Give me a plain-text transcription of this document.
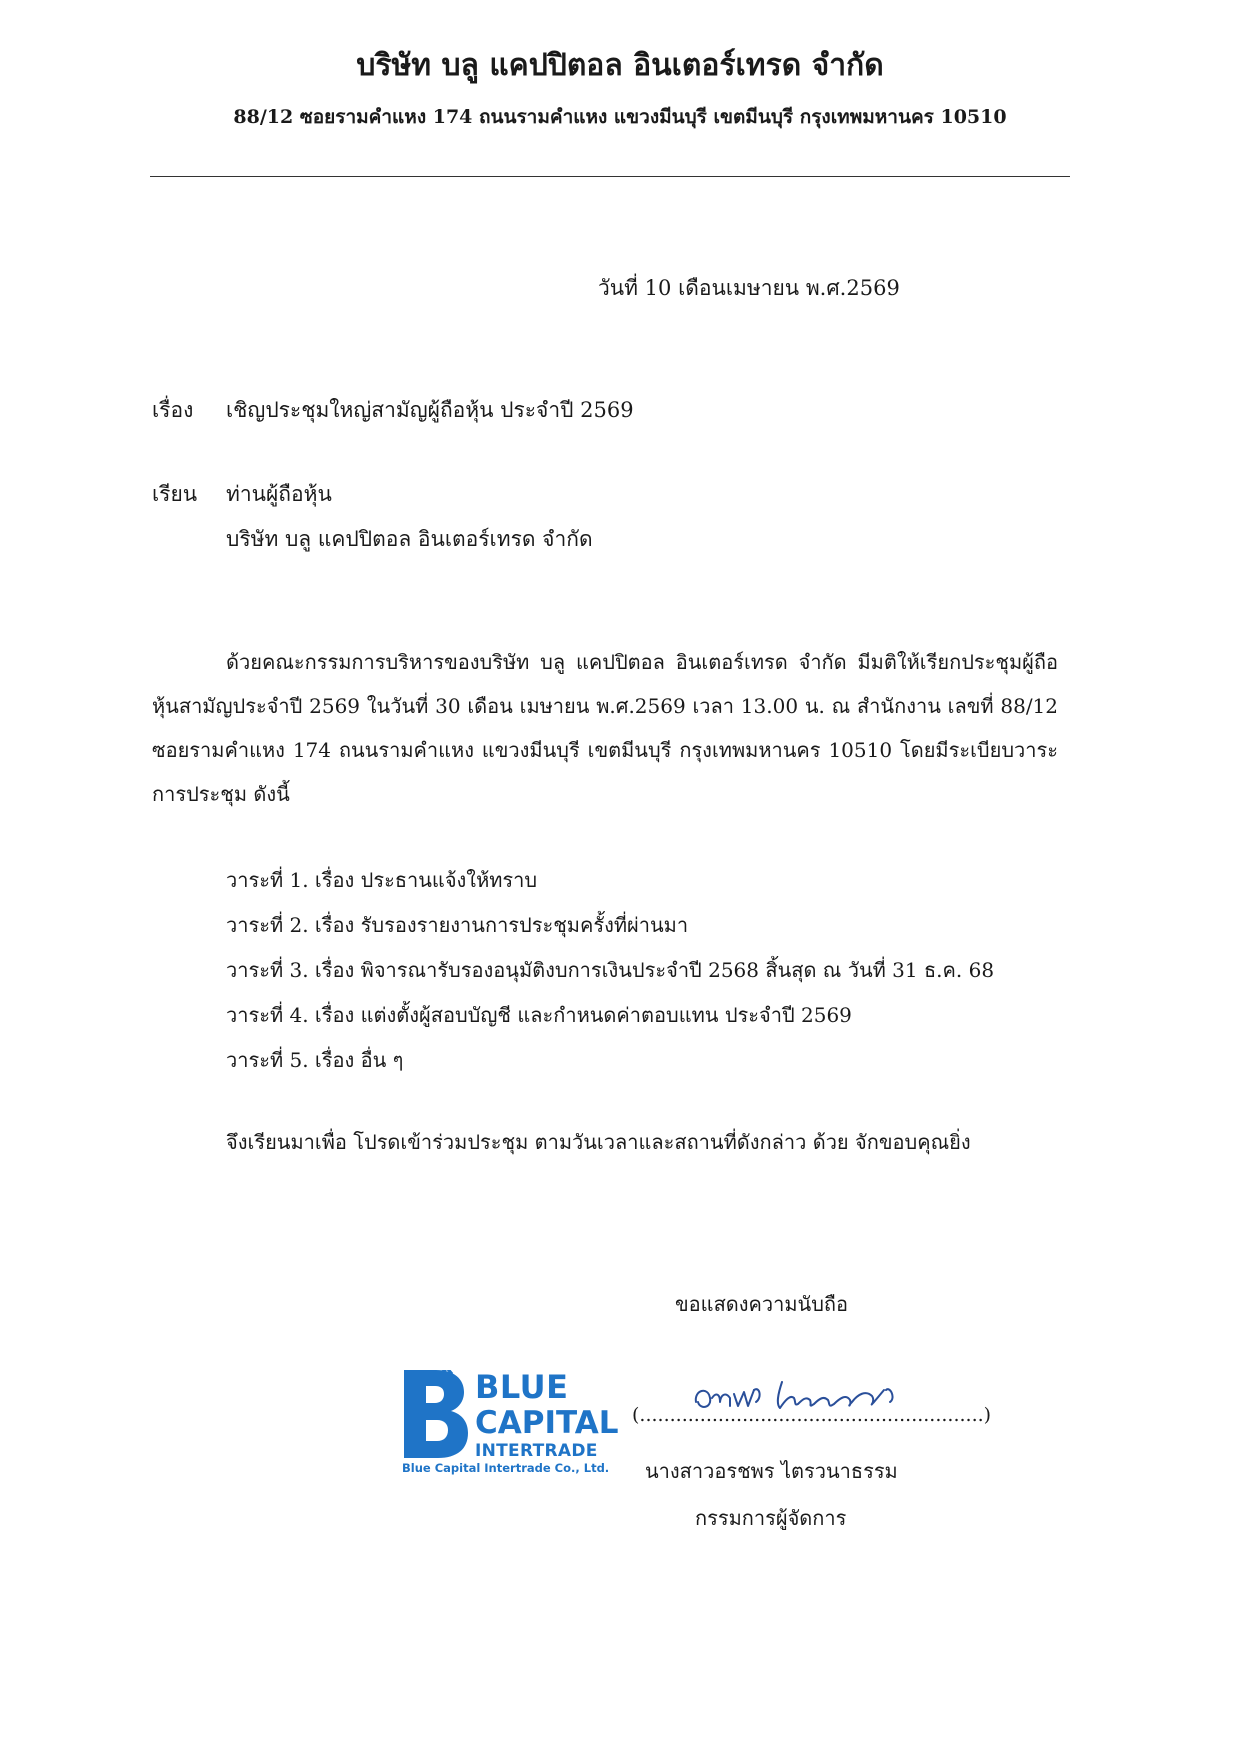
บริษัท บลู แคปปิตอล อินเตอร์เทรด จำกัด
88/12 ซอยรามคำแหง 174 ถนนรามคำแหง แขวงมีนบุรี เขตมีนบุรี กรุงเทพมหานคร 10510
วันที่ 10 เดือนเมษายน พ.ศ.2569
เรื่อง เชิญประชุมใหญ่สามัญผู้ถือหุ้น ประจำปี 2569
เรียน ท่านผู้ถือหุ้น
บริษัท บลู แคปปิตอล อินเตอร์เทรด จำกัด
ด้วยคณะกรรมการบริหารของบริษัท บลู แคปปิตอล อินเตอร์เทรด จำกัด มีมติให้เรียกประชุมผู้ถือหุ้นสามัญประจำปี 2569 ในวันที่ 30 เดือน เมษายน พ.ศ.2569 เวลา 13.00 น. ณ สำนักงาน เลขที่ 88/12 ซอยรามคำแหง 174 ถนนรามคำแหง แขวงมีนบุรี เขตมีนบุรี กรุงเทพมหานคร 10510 โดยมีระเบียบวาระการประชุม ดังนี้
วาระที่ 1. เรื่อง ประธานแจ้งให้ทราบ
วาระที่ 2. เรื่อง รับรองรายงานการประชุมครั้งที่ผ่านมา
วาระที่ 3. เรื่อง พิจารณารับรองอนุมัติงบการเงินประจำปี 2568 สิ้นสุด ณ วันที่ 31 ธ.ค. 68
วาระที่ 4. เรื่อง แต่งตั้งผู้สอบบัญชี และกำหนดค่าตอบแทน ประจำปี 2569
วาระที่ 5. เรื่อง อื่น ๆ
จึงเรียนมาเพื่อ โปรดเข้าร่วมประชุม ตามวันเวลาและสถานที่ดังกล่าว ด้วย จักขอบคุณยิ่ง
ขอแสดงความนับถือ
BLUE
CAPITAL
INTERTRADE
Blue Capital Intertrade Co., Ltd.
(.........................................................)
นางสาวอรชพร ไตรวนาธรรม
กรรมการผู้จัดการ
